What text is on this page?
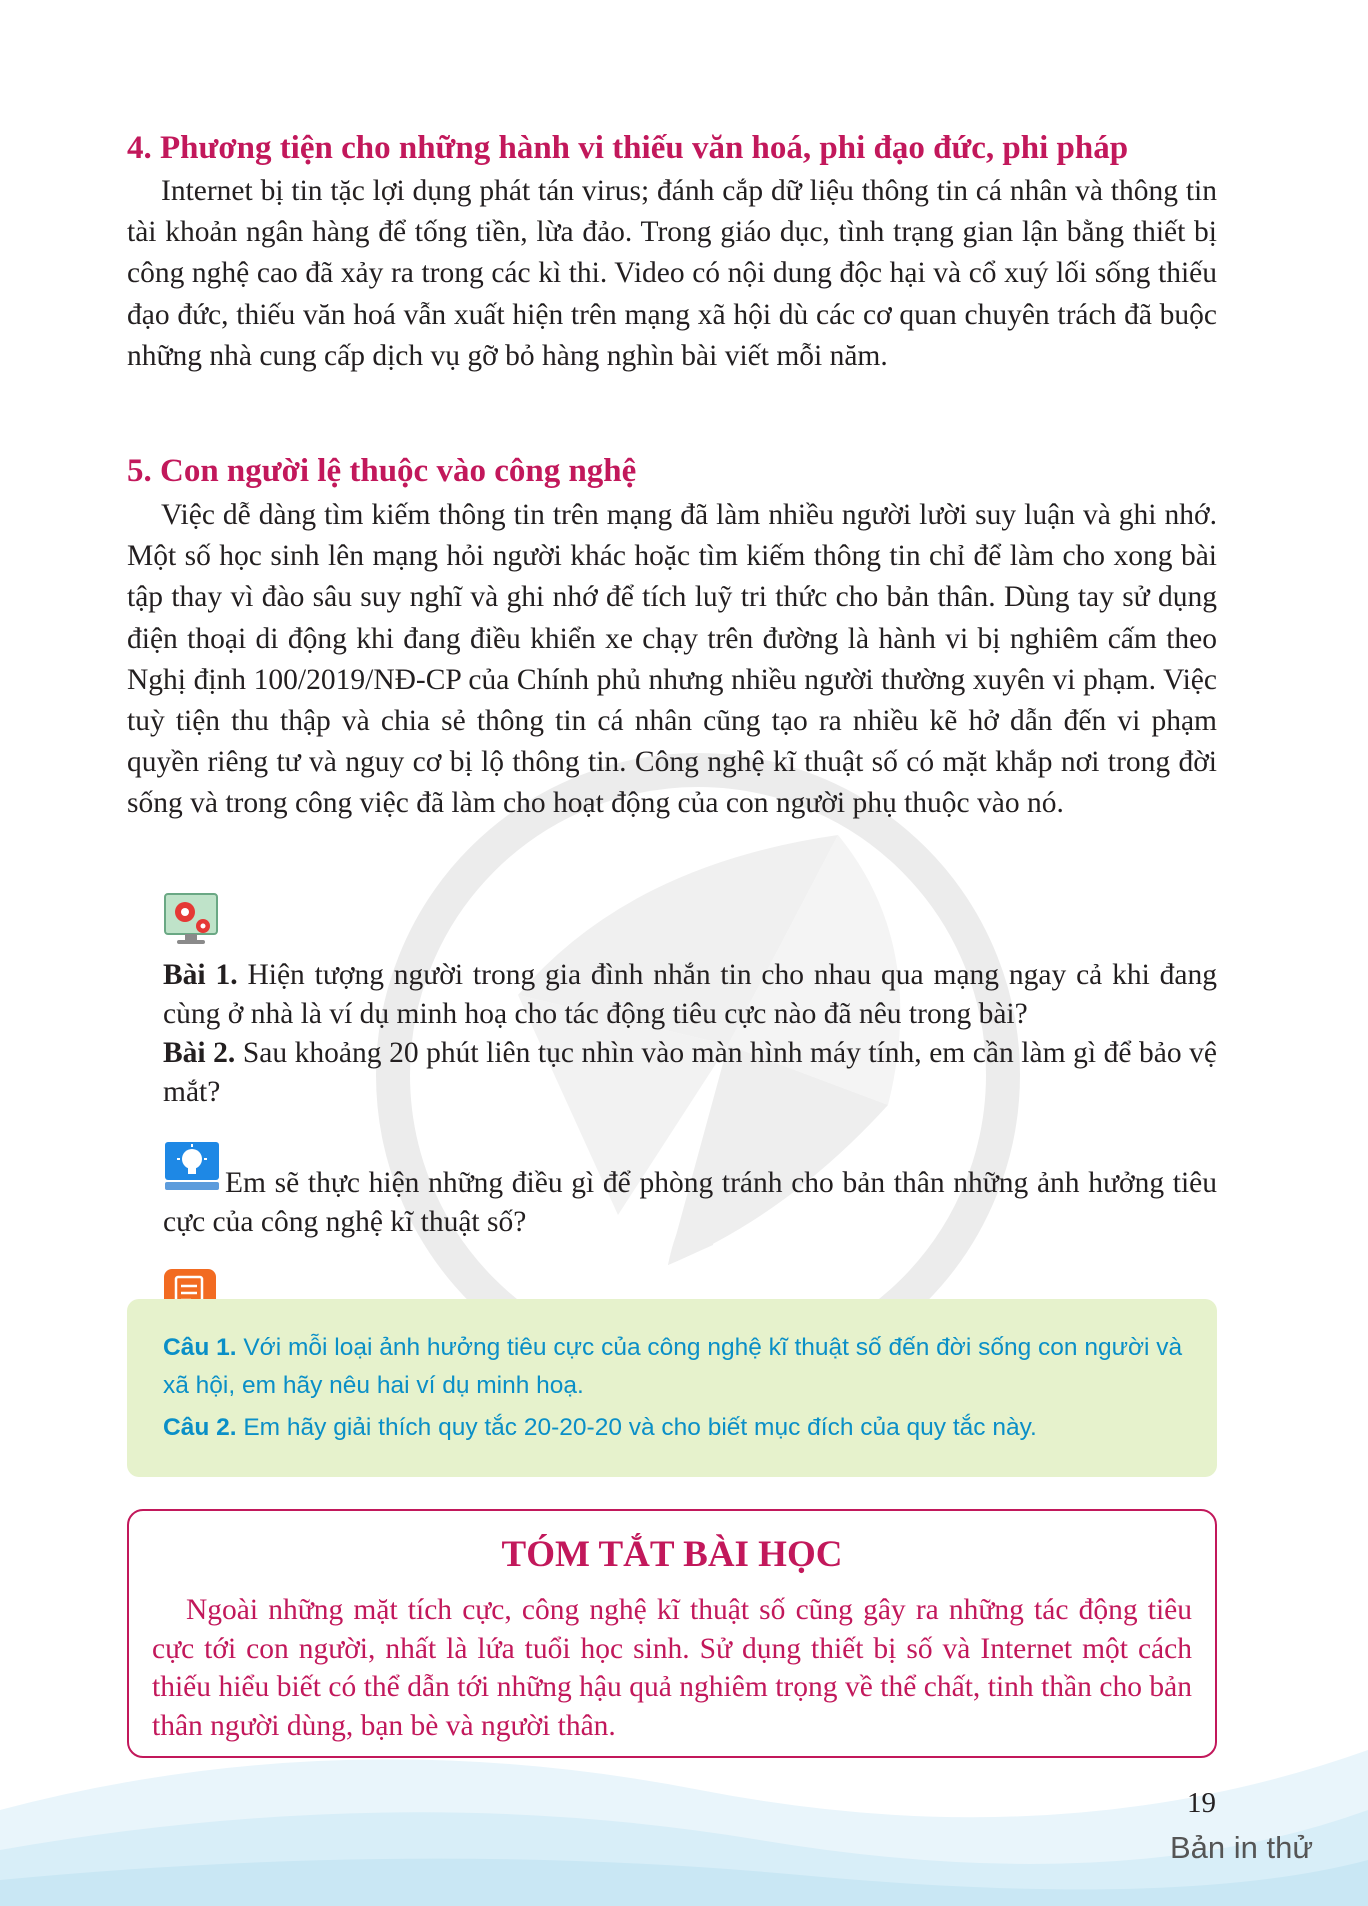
4. Phương tiện cho những hành vi thiếu văn hoá, phi đạo đức, phi pháp

Internet bị tin tặc lợi dụng phát tán virus; đánh cắp dữ liệu thông tin cá nhân và thông tin tài khoản ngân hàng để tống tiền, lừa đảo. Trong giáo dục, tình trạng gian lận bằng thiết bị công nghệ cao đã xảy ra trong các kì thi. Video có nội dung độc hại và cổ xuý lối sống thiếu đạo đức, thiếu văn hoá vẫn xuất hiện trên mạng xã hội dù các cơ quan chuyên trách đã buộc những nhà cung cấp dịch vụ gỡ bỏ hàng nghìn bài viết mỗi năm.

5. Con người lệ thuộc vào công nghệ

Việc dễ dàng tìm kiếm thông tin trên mạng đã làm nhiều người lười suy luận và ghi nhớ. Một số học sinh lên mạng hỏi người khác hoặc tìm kiếm thông tin chỉ để làm cho xong bài tập thay vì đào sâu suy nghĩ và ghi nhớ để tích luỹ tri thức cho bản thân. Dùng tay sử dụng điện thoại di động khi đang điều khiển xe chạy trên đường là hành vi bị nghiêm cấm theo Nghị định 100/2019/NĐ-CP của Chính phủ nhưng nhiều người thường xuyên vi phạm. Việc tuỳ tiện thu thập và chia sẻ thông tin cá nhân cũng tạo ra nhiều kẽ hở dẫn đến vi phạm quyền riêng tư và nguy cơ bị lộ thông tin. Công nghệ kĩ thuật số có mặt khắp nơi trong đời sống và trong công việc đã làm cho hoạt động của con người phụ thuộc vào nó.

Bài 1. Hiện tượng người trong gia đình nhắn tin cho nhau qua mạng ngay cả khi đang cùng ở nhà là ví dụ minh hoạ cho tác động tiêu cực nào đã nêu trong bài?

Bài 2. Sau khoảng 20 phút liên tục nhìn vào màn hình máy tính, em cần làm gì để bảo vệ mắt?

Em sẽ thực hiện những điều gì để phòng tránh cho bản thân những ảnh hưởng tiêu cực của công nghệ kĩ thuật số?

Câu 1. Với mỗi loại ảnh hưởng tiêu cực của công nghệ kĩ thuật số đến đời sống con người và xã hội, em hãy nêu hai ví dụ minh hoạ.

Câu 2. Em hãy giải thích quy tắc 20-20-20 và cho biết mục đích của quy tắc này.

TÓM TẮT BÀI HỌC

Ngoài những mặt tích cực, công nghệ kĩ thuật số cũng gây ra những tác động tiêu cực tới con người, nhất là lứa tuổi học sinh. Sử dụng thiết bị số và Internet một cách thiếu hiểu biết có thể dẫn tới những hậu quả nghiêm trọng về thể chất, tinh thần cho bản thân người dùng, bạn bè và người thân.

19
Bản in thử
